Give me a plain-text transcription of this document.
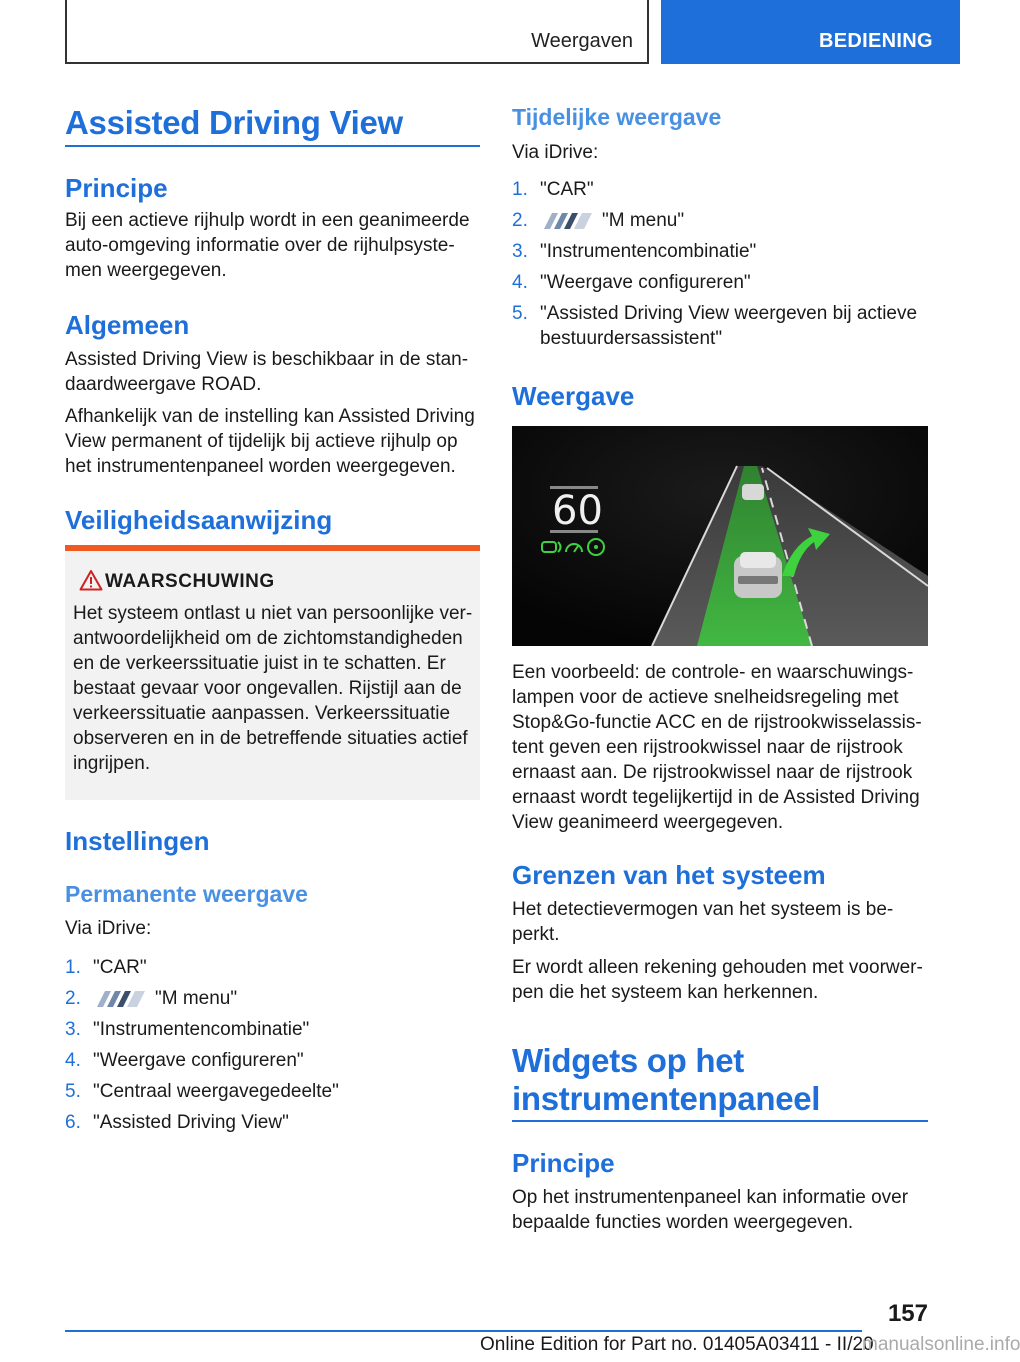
Weergaven	BEDIENING
Assisted Driving View
Principe
Bij een actieve rijhulp wordt in een geanimeerde auto-omgeving informatie over de rijhulpsyste-men weergegeven.
Algemeen
Assisted Driving View is beschikbaar in de stan-daardweergave ROAD.
Afhankelijk van de instelling kan Assisted Driving View permanent of tijdelijk bij actieve rijhulp op het instrumentenpaneel worden weergegeven.
Veiligheidsaanwijzing
WAARSCHUWING
Het systeem ontlast u niet van persoonlijke ver-antwoordelijkheid om de zichtomstandigheden en de verkeerssituatie juist in te schatten. Er bestaat gevaar voor ongevallen. Rijstijl aan de verkeerssituatie aanpassen. Verkeerssituatie observeren en in de betreffende situaties actief ingrijpen.
Instellingen
Permanente weergave
Via iDrive:
1. "CAR"
2.	"M menu"
3. "Instrumentencombinatie"
4. "Weergave configureren"
5. "Centraal weergavegedeelte"
6. "Assisted Driving View"
Tijdelijke weergave
Via iDrive:
1. "CAR"
2.	"M menu"
3. "Instrumentencombinatie"
4. "Weergave configureren"
5. "Assisted Driving View weergeven bij actieve bestuurdersassistent"
Weergave
60
Een voorbeeld: de controle- en waarschuwings-lampen voor de actieve snelheidsregeling met Stop&Go-functie ACC en de rijstrookwisselassis-tent geven een rijstrookwissel naar de rijstrook ernaast aan. De rijstrookwissel naar de rijstrook ernaast wordt tegelijkertijd in de Assisted Driving View geanimeerd weergegeven.
Grenzen van het systeem
Het detectievermogen van het systeem is be-perkt.
Er wordt alleen rekening gehouden met voorwer-pen die het systeem kan herkennen.
Widgets op het
instrumentenpaneel
Principe
Op het instrumentenpaneel kan informatie over bepaalde functies worden weergegeven.
157
Online Edition for Part no. 01405A03411 - II/20
manualsonline.info
